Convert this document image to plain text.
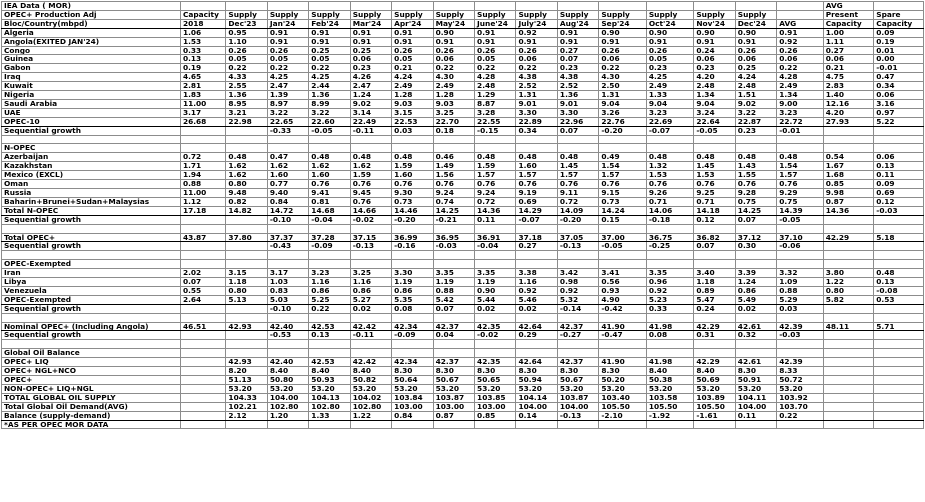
IEA Data ( MOR)																AVG	
OPEC+ Production Adj	Capacity	Supply	Supply	Supply	Supply	Supply	Supply	Supply	Supply	Supply	Supply	Supply	Supply	Supply		Present	Spare
Bloc/Country(mbpd)	2018	Dec'23	Jan'24	Feb'24	Mar'24	Apr'24	May'24	June'24	July'24	Aug'24	Sep'24	Oct'24	Nov'24	Dec'24	AVG	Capacity	Capacity
Algeria	1.06	0.95	0.91	0.91	0.91	0.91	0.90	0.91	0.92	0.91	0.90	0.90	0.90	0.90	0.91	1.00	0.09
Angola(EXITED JAN'24)	1.53	1.10	0.91	0.91	0.91	0.91	0.91	0.91	0.91	0.91	0.91	0.91	0.91	0.91	0.92	1.11	0.19
Congo	0.33	0.26	0.26	0.25	0.25	0.26	0.26	0.26	0.26	0.27	0.26	0.26	0.24	0.26	0.26	0.27	0.01
Guinea	0.13	0.05	0.05	0.05	0.06	0.05	0.06	0.05	0.06	0.07	0.06	0.05	0.06	0.06	0.06	0.06	0.00
Gabon	0.19	0.22	0.22	0.22	0.23	0.21	0.22	0.22	0.22	0.23	0.22	0.23	0.23	0.25	0.22	0.21	-0.01
Iraq	4.65	4.33	4.25	4.25	4.26	4.24	4.30	4.28	4.38	4.38	4.30	4.25	4.20	4.24	4.28	4.75	0.47
Kuwait	2.81	2.55	2.47	2.44	2.47	2.49	2.49	2.48	2.52	2.52	2.50	2.49	2.48	2.48	2.49	2.83	0.34
Nigeria	1.83	1.36	1.39	1.36	1.24	1.28	1.28	1.29	1.31	1.36	1.31	1.33	1.34	1.51	1.34	1.40	0.06
Saudi Arabia	11.00	8.95	8.97	8.99	9.02	9.03	9.03	8.87	9.01	9.01	9.04	9.04	9.04	9.02	9.00	12.16	3.16
UAE	3.17	3.21	3.22	3.22	3.14	3.15	3.25	3.28	3.30	3.30	3.26	3.23	3.24	3.22	3.23	4.20	0.97
OPEC-10	26.68	22.98	22.65	22.60	22.49	22.53	22.70	22.55	22.89	22.96	22.76	22.69	22.64	22.87	22.72	27.93	5.22
Sequential growth			-0.33	-0.05	-0.11	0.03	0.18	-0.15	0.34	0.07	-0.20	-0.07	-0.05	0.23	-0.01		

N-OPEC																	
Azerbaijan	0.72	0.48	0.47	0.48	0.48	0.48	0.46	0.48	0.48	0.48	0.49	0.48	0.48	0.48	0.48	0.54	0.06
Kazakhstan	1.71	1.62	1.62	1.62	1.62	1.59	1.49	1.59	1.60	1.45	1.54	1.32	1.45	1.43	1.54	1.67	0.13
Mexico (EXCL)	1.94	1.62	1.60	1.60	1.59	1.60	1.56	1.57	1.57	1.57	1.57	1.53	1.53	1.55	1.57	1.68	0.11
Oman	0.88	0.80	0.77	0.76	0.76	0.76	0.76	0.76	0.76	0.76	0.76	0.76	0.76	0.76	0.76	0.85	0.09
Russia	11.00	9.48	9.40	9.41	9.45	9.30	9.24	9.24	9.19	9.11	9.15	9.26	9.25	9.28	9.29	9.98	0.69
Baharin+Brunei+Sudan+Malaysias	1.12	0.82	0.84	0.81	0.76	0.73	0.74	0.72	0.69	0.72	0.73	0.71	0.71	0.75	0.75	0.87	0.12
Total N-OPEC	17.18	14.82	14.72	14.68	14.66	14.46	14.25	14.36	14.29	14.09	14.24	14.06	14.18	14.25	14.39	14.36	-0.03
Sequential growth			-0.10	-0.04	-0.02	-0.20	-0.21	0.11	-0.07	-0.20	0.15	-0.18	0.12	0.07	-0.05		

Total OPEC+	43.87	37.80	37.37	37.28	37.15	36.99	36.95	36.91	37.18	37.05	37.00	36.75	36.82	37.12	37.10	42.29	5.18
Sequential growth			-0.43	-0.09	-0.13	-0.16	-0.03	-0.04	0.27	-0.13	-0.05	-0.25	0.07	0.30	-0.06		

OPEC-Exempted																	
Iran	2.02	3.15	3.17	3.23	3.25	3.30	3.35	3.35	3.38	3.42	3.41	3.35	3.40	3.39	3.32	3.80	0.48
Libya	0.07	1.18	1.03	1.16	1.16	1.19	1.19	1.19	1.16	0.98	0.56	0.96	1.18	1.24	1.09	1.22	0.13
Venezuela	0.55	0.80	0.83	0.86	0.86	0.86	0.88	0.90	0.92	0.92	0.93	0.92	0.89	0.86	0.88	0.80	-0.08
OPEC-Exempted	2.64	5.13	5.03	5.25	5.27	5.35	5.42	5.44	5.46	5.32	4.90	5.23	5.47	5.49	5.29	5.82	0.53
Sequential growth			-0.10	0.22	0.02	0.08	0.07	0.02	0.02	-0.14	-0.42	0.33	0.24	0.02	0.03		

Nominal OPEC+ (Including Angola)	46.51	42.93	42.40	42.53	42.42	42.34	42.37	42.35	42.64	42.37	41.90	41.98	42.29	42.61	42.39	48.11	5.71
Sequential growth			-0.53	0.13	-0.11	-0.09	0.04	-0.02	0.29	-0.27	-0.47	0.08	0.31	0.32	-0.03		

Global Oil Balance																	
OPEC+ LIQ		42.93	42.40	42.53	42.42	42.34	42.37	42.35	42.64	42.37	41.90	41.98	42.29	42.61	42.39		
OPEC+ NGL+NCO		8.20	8.40	8.40	8.40	8.30	8.30	8.30	8.30	8.30	8.30	8.40	8.40	8.30	8.33		
OPEC+		51.13	50.80	50.93	50.82	50.64	50.67	50.65	50.94	50.67	50.20	50.38	50.69	50.91	50.72		
NON-OPEC+ LIQ+NGL		53.20	53.20	53.20	53.20	53.20	53.20	53.20	53.20	53.20	53.20	53.20	53.20	53.20	53.20		
TOTAL GLOBAL OIL SUPPLY		104.33	104.00	104.13	104.02	103.84	103.87	103.85	104.14	103.87	103.40	103.58	103.89	104.11	103.92		
Total Global Oil Demand(AVG)		102.21	102.80	102.80	102.80	103.00	103.00	103.00	104.00	104.00	105.50	105.50	105.50	104.00	103.70		
Balance (supply-demand)		2.12	1.20	1.33	1.22	0.84	0.87	0.85	0.14	-0.13	-2.10	-1.92	-1.61	0.11	0.22		
*AS PER OPEC MOR DATA																	
